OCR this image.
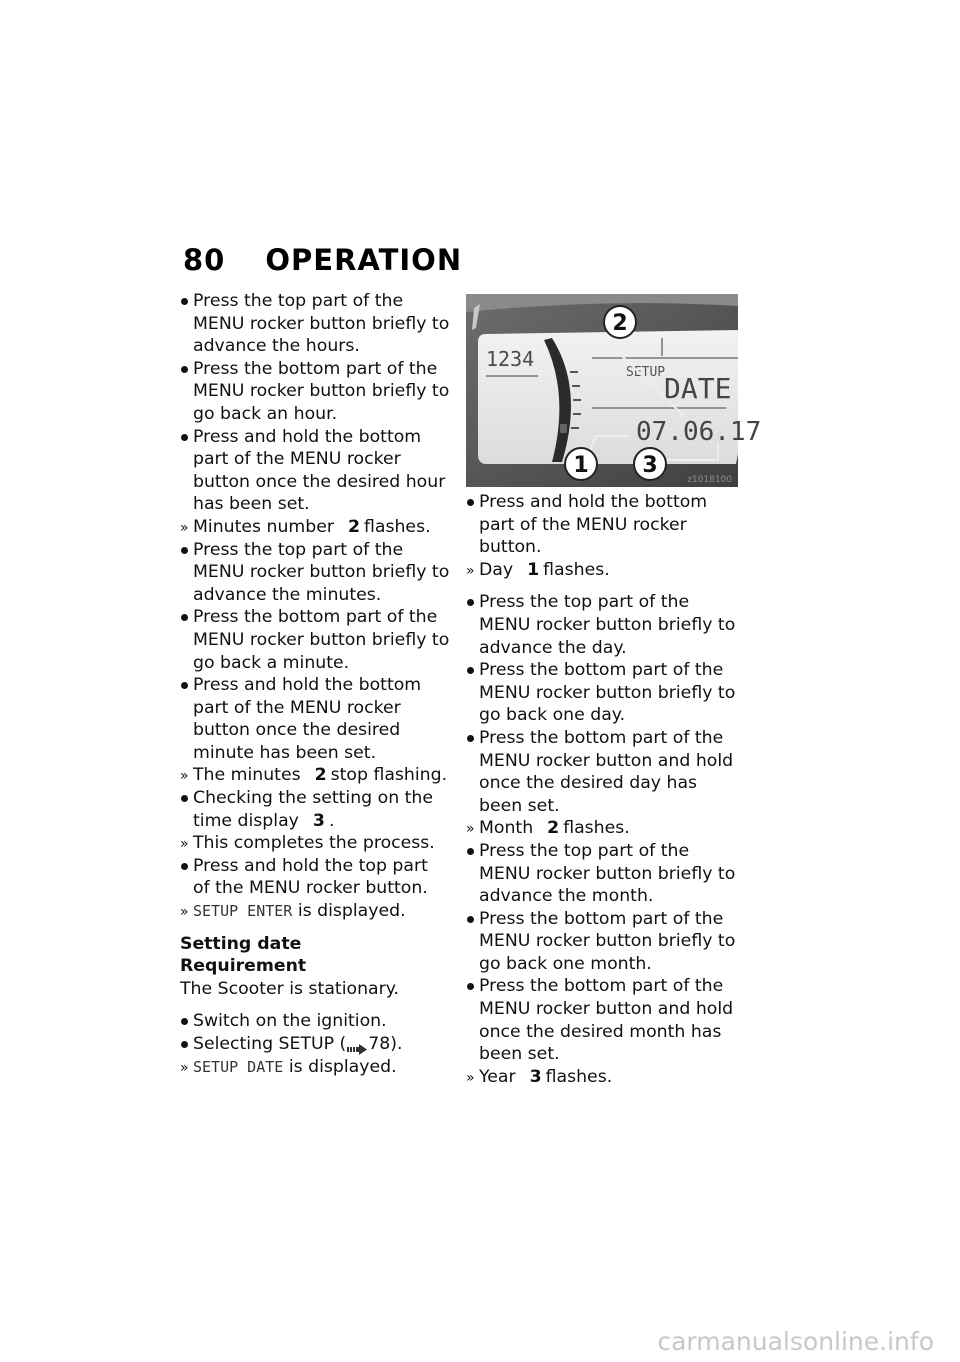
80 OPERATION
Press the top part of the MENU rocker button briefly to advance the hours.
Press the bottom part of the MENU rocker button briefly to go back an hour.
Press and hold the bottom part of the MENU rocker button once the desired hour has been set.
» Minutes number 2 flashes.
Press the top part of the MENU rocker button briefly to advance the minutes.
Press the bottom part of the MENU rocker button briefly to go back a minute.
Press and hold the bottom part of the MENU rocker button once the desired minute has been set.
» The minutes 2 stop flashing.
Checking the setting on the time display 3 .
» This completes the process.
Press and hold the top part of the MENU rocker button.
» SETUP ENTER is displayed.
Setting date
Requirement
The Scooter is stationary.
Switch on the ignition.
Selecting SETUP ( 78).
» SETUP DATE is displayed.
1234
SETUP
DATE
07.06.17
2
1 3
z1018100
Press and hold the bottom part of the MENU rocker button.
» Day 1 flashes.
Press the top part of the MENU rocker button briefly to advance the day.
Press the bottom part of the MENU rocker button briefly to go back one day.
Press the bottom part of the MENU rocker button and hold once the desired day has been set.
» Month 2 flashes.
Press the top part of the MENU rocker button briefly to advance the month.
Press the bottom part of the MENU rocker button briefly to go back one month.
Press the bottom part of the MENU rocker button and hold once the desired month has been set.
» Year 3 flashes.
carmanualsonline.info
